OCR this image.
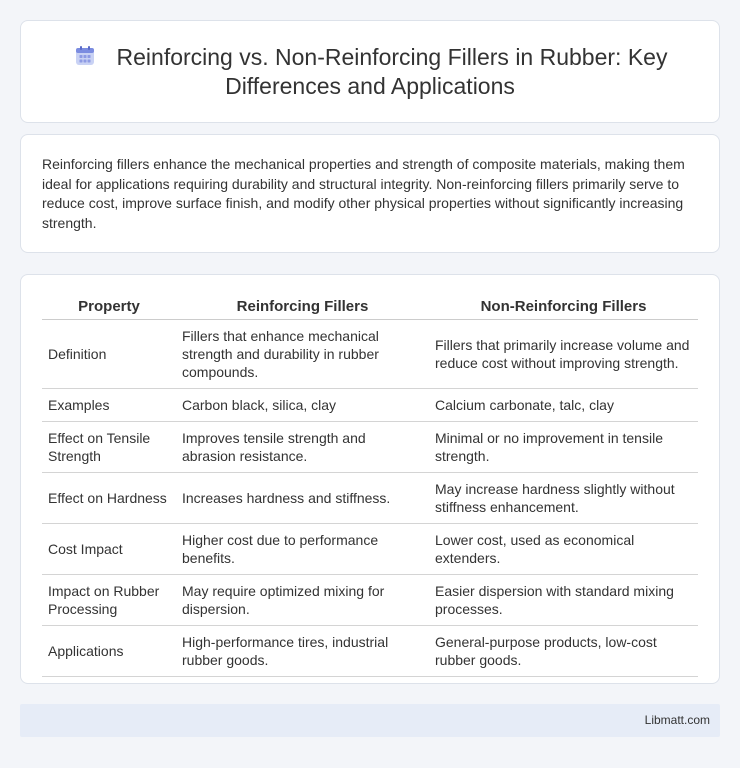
Reinforcing vs. Non-Reinforcing Fillers in Rubber: Key Differences and Applications

Reinforcing fillers enhance the mechanical properties and strength of composite materials, making them ideal for applications requiring durability and structural integrity. Non-reinforcing fillers primarily serve to reduce cost, improve surface finish, and modify other physical properties without significantly increasing strength.

Property	Reinforcing Fillers	Non-Reinforcing Fillers
Definition	Fillers that enhance mechanical strength and durability in rubber compounds.	Fillers that primarily increase volume and reduce cost without improving strength.
Examples	Carbon black, silica, clay	Calcium carbonate, talc, clay
Effect on Tensile Strength	Improves tensile strength and abrasion resistance.	Minimal or no improvement in tensile strength.
Effect on Hardness	Increases hardness and stiffness.	May increase hardness slightly without stiffness enhancement.
Cost Impact	Higher cost due to performance benefits.	Lower cost, used as economical extenders.
Impact on Rubber Processing	May require optimized mixing for dispersion.	Easier dispersion with standard mixing processes.
Applications	High-performance tires, industrial rubber goods.	General-purpose products, low-cost rubber goods.
Libmatt.com
